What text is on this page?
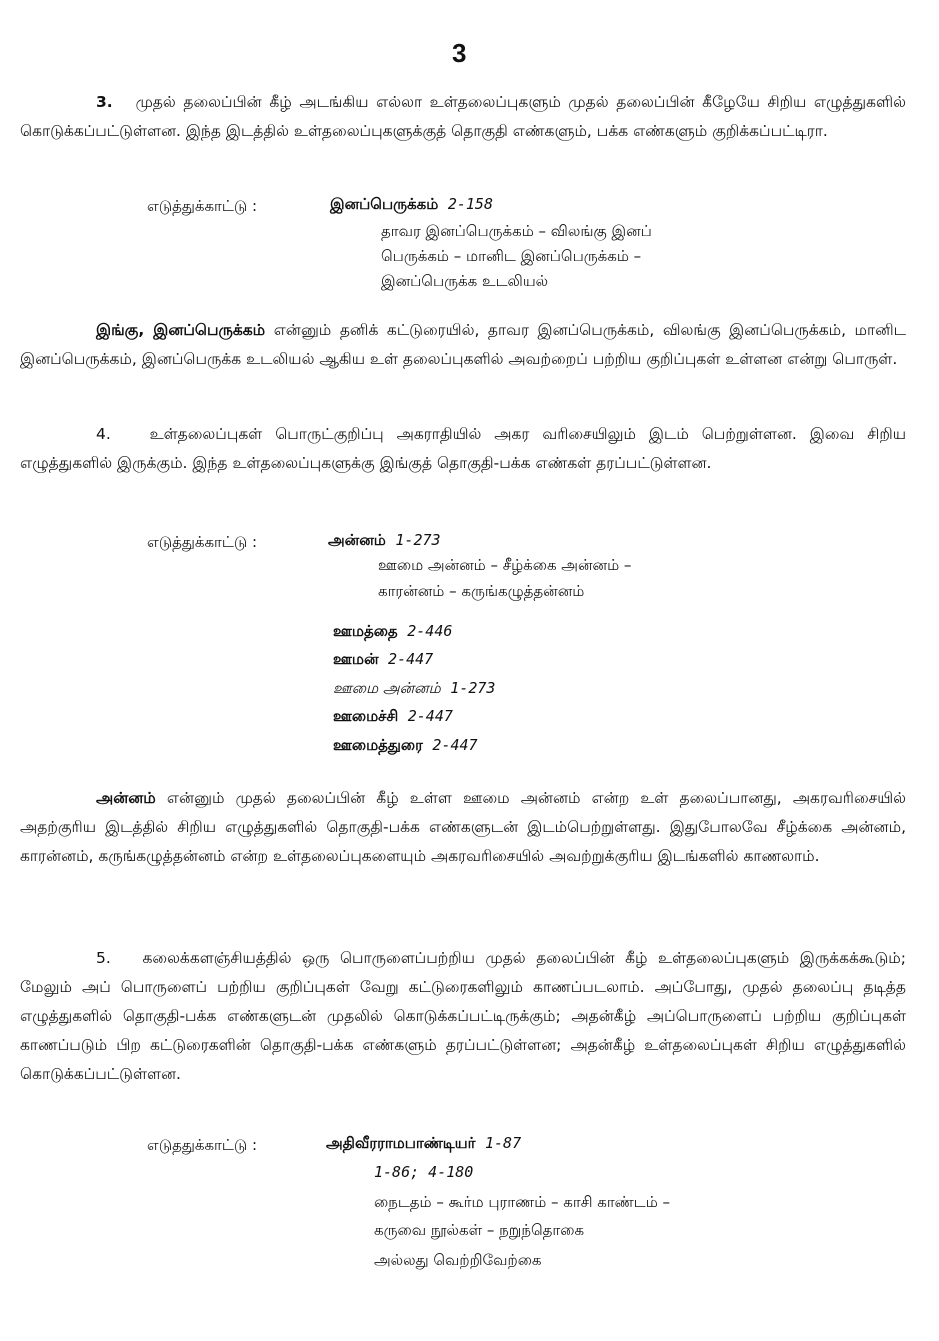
3

3. முதல் தலைப்பின் கீழ் அடங்கிய எல்லா உள்தலைப்புகளும் முதல் தலைப்பின் கீழேயே சிறிய எழுத்துகளில் கொடுக்கப்பட்டுள்ளன. இந்த இடத்தில் உள்தலைப்புகளுக்குத் தொகுதி எண்களும், பக்க எண்களும் குறிக்கப்பட்டிரா.

எடுத்துக்காட்டு :	இனப்பெருக்கம் 2-158
தாவர இனப்பெருக்கம் – விலங்கு இனப்
பெருக்கம் – மானிட இனப்பெருக்கம் –
இனப்பெருக்க உடலியல்

இங்கு, இனப்பெருக்கம் என்னும் தனிக் கட்டுரையில், தாவர இனப்பெருக்கம், விலங்கு இனப்பெருக்கம், மானிட இனப்பெருக்கம், இனப்பெருக்க உடலியல் ஆகிய உள் தலைப்புகளில் அவற்றைப் பற்றிய குறிப்புகள் உள்ளன என்று பொருள்.

4.	உள்தலைப்புகள் பொருட்குறிப்பு அகராதியில் அகர வரிசையிலும் இடம் பெற்றுள்ளன. இவை சிறிய எழுத்துகளில் இருக்கும். இந்த உள்தலைப்புகளுக்கு இங்குத் தொகுதி-பக்க எண்கள் தரப்பட்டுள்ளன.

எடுத்துக்காட்டு :	அன்னம் 1-273
ஊமை அன்னம் – சீழ்க்கை அன்னம் –
காரன்னம் – கருங்கழுத்தன்னம்
ஊமத்தை 2-446
ஊமன் 2-447
ஊமை அன்னம் 1-273
ஊமைச்சி 2-447
ஊமைத்துரை 2-447

அன்னம் என்னும் முதல் தலைப்பின் கீழ் உள்ள ஊமை அன்னம் என்ற உள் தலைப்பானது, அகரவரிசையில் அதற்குரிய இடத்தில் சிறிய எழுத்துகளில் தொகுதி-பக்க எண்களுடன் இடம்பெற்றுள்ளது. இதுபோலவே சீழ்க்கை அன்னம், காரன்னம், கருங்கழுத்தன்னம் என்ற உள்தலைப்புகளையும் அகரவரிசையில் அவற்றுக்குரிய இடங்களில் காணலாம்.

5. கலைக்களஞ்சியத்தில் ஒரு பொருளைப்பற்றிய முதல் தலைப்பின் கீழ் உள்தலைப்புகளும் இருக்கக்கூடும்; மேலும் அப் பொருளைப் பற்றிய குறிப்புகள் வேறு கட்டுரைகளிலும் காணப்படலாம். அப்போது, முதல் தலைப்பு தடித்த எழுத்துகளில் தொகுதி-பக்க எண்களுடன் முதலில் கொடுக்கப்பட்டிருக்கும்; அதன்கீழ் அப்பொருளைப் பற்றிய குறிப்புகள் காணப்படும் பிற கட்டுரைகளின் தொகுதி-பக்க எண்களும் தரப்பட்டுள்ளன; அதன்கீழ் உள்தலைப்புகள் சிறிய எழுத்துகளில் கொடுக்கப்பட்டுள்ளன.

எடுததுக்காட்டு :	அதிவீரராமபாண்டியர் 1-87
1-86; 4-180
நைடதம் – கூர்ம புராணம் – காசி காண்டம் –
கருவை நூல்கள் – நறுந்தொகை
அல்லது வெற்றிவேற்கை
